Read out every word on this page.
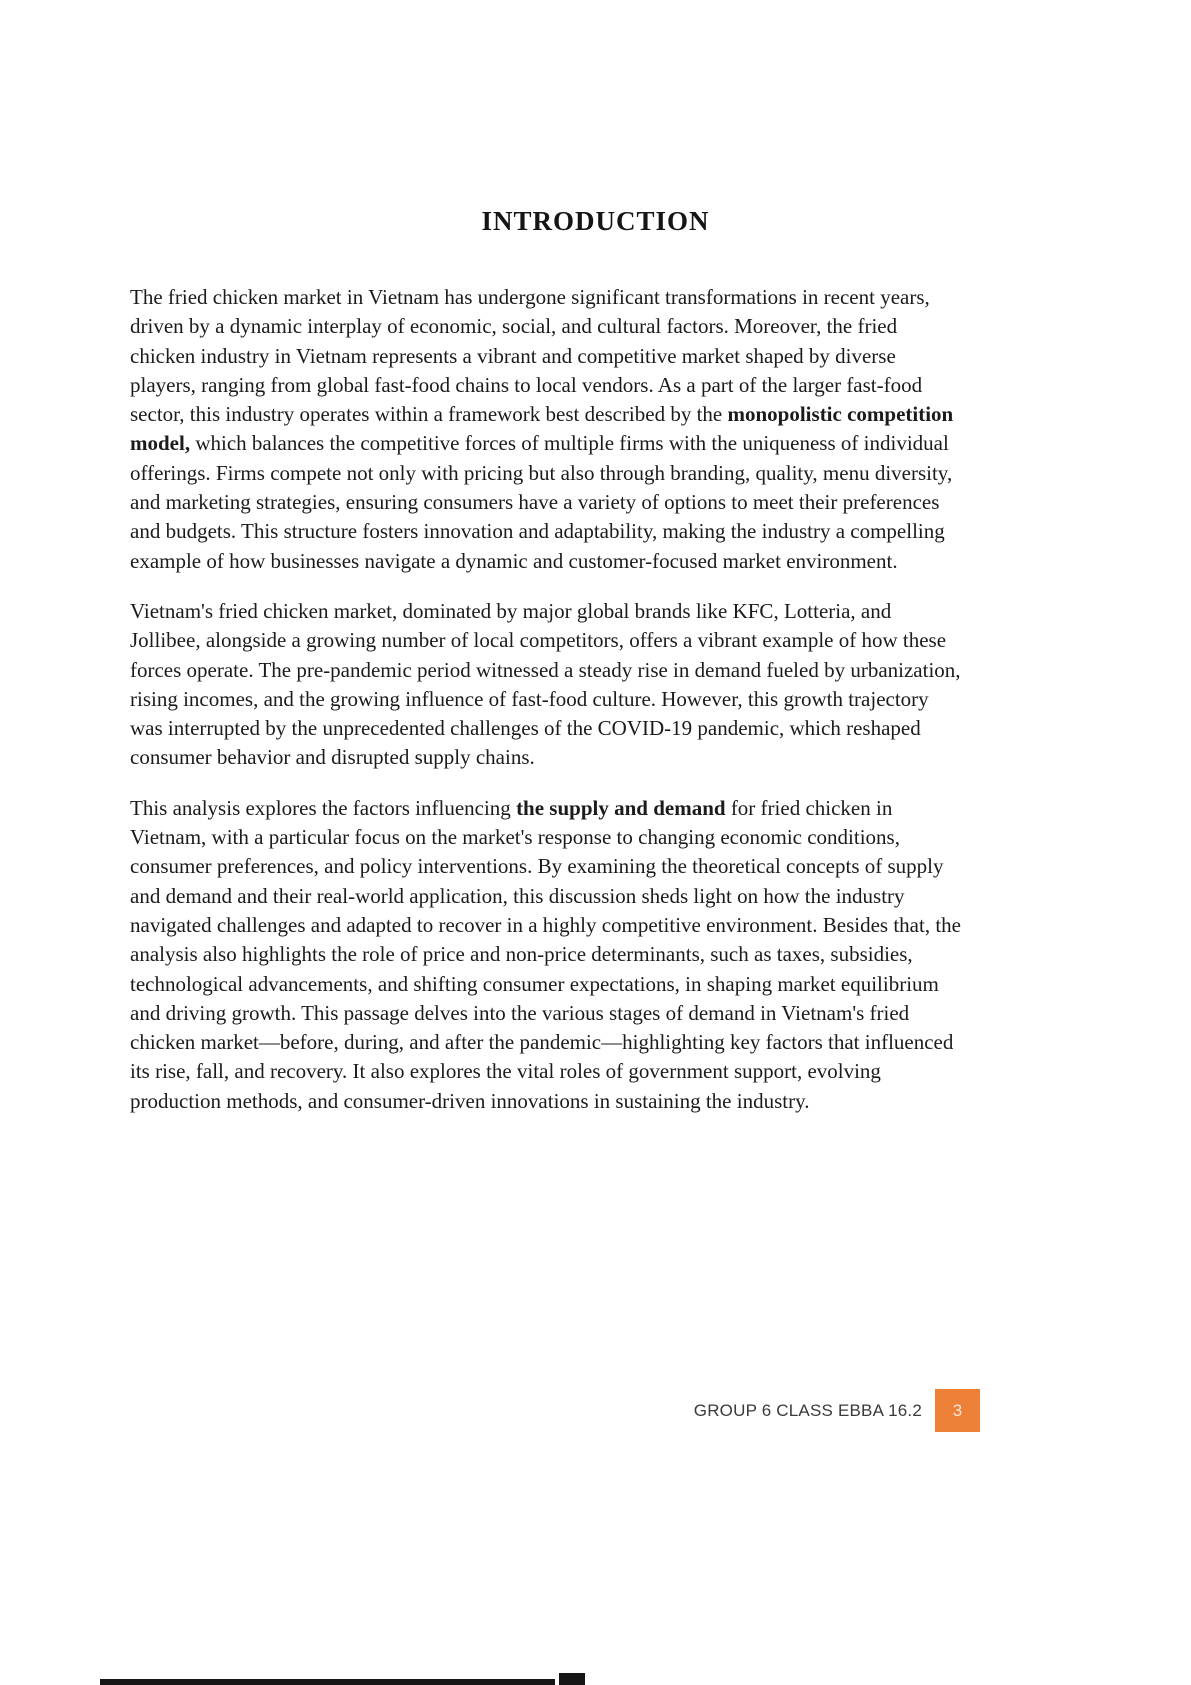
INTRODUCTION

The fried chicken market in Vietnam has undergone significant transformations in recent years, driven by a dynamic interplay of economic, social, and cultural factors. Moreover, the fried chicken industry in Vietnam represents a vibrant and competitive market shaped by diverse players, ranging from global fast-food chains to local vendors. As a part of the larger fast-food sector, this industry operates within a framework best described by the monopolistic competition model, which balances the competitive forces of multiple firms with the uniqueness of individual offerings. Firms compete not only with pricing but also through branding, quality, menu diversity, and marketing strategies, ensuring consumers have a variety of options to meet their preferences and budgets. This structure fosters innovation and adaptability, making the industry a compelling example of how businesses navigate a dynamic and customer-focused market environment.

Vietnam's fried chicken market, dominated by major global brands like KFC, Lotteria, and Jollibee, alongside a growing number of local competitors, offers a vibrant example of how these forces operate. The pre-pandemic period witnessed a steady rise in demand fueled by urbanization, rising incomes, and the growing influence of fast-food culture. However, this growth trajectory was interrupted by the unprecedented challenges of the COVID-19 pandemic, which reshaped consumer behavior and disrupted supply chains.

This analysis explores the factors influencing the supply and demand for fried chicken in Vietnam, with a particular focus on the market's response to changing economic conditions, consumer preferences, and policy interventions. By examining the theoretical concepts of supply and demand and their real-world application, this discussion sheds light on how the industry navigated challenges and adapted to recover in a highly competitive environment. Besides that, the analysis also highlights the role of price and non-price determinants, such as taxes, subsidies, technological advancements, and shifting consumer expectations, in shaping market equilibrium and driving growth. This passage delves into the various stages of demand in Vietnam's fried chicken market—before, during, and after the pandemic—highlighting key factors that influenced its rise, fall, and recovery. It also explores the vital roles of government support, evolving production methods, and consumer-driven innovations in sustaining the industry.

GROUP 6 CLASS EBBA 16.2 3
